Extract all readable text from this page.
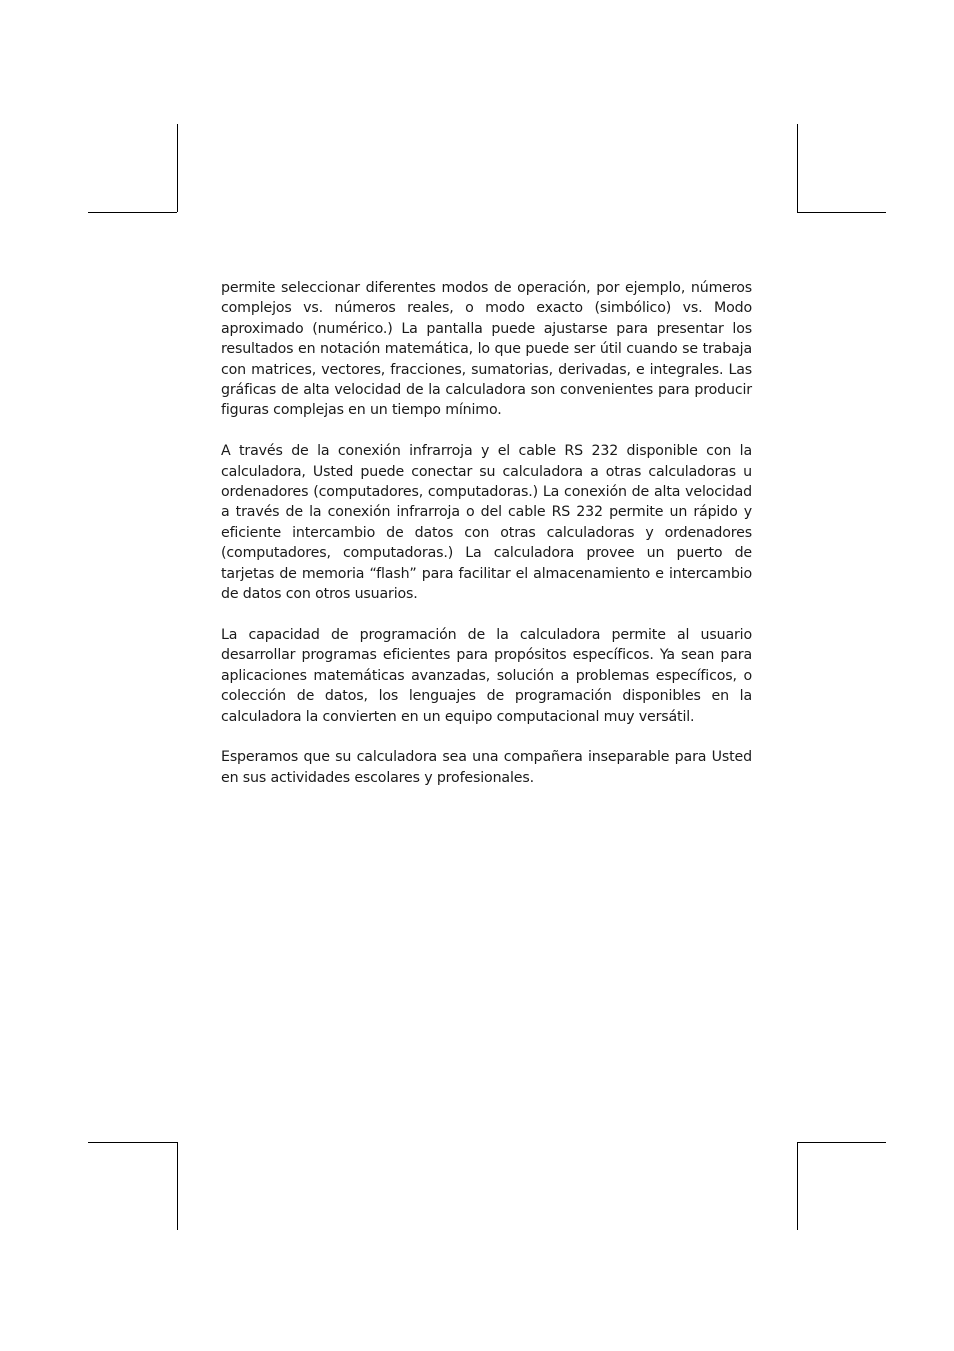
permite seleccionar diferentes modos de operación, por ejemplo, números complejos vs. números reales, o modo exacto (simbólico) vs. Modo aproximado (numérico.) La pantalla puede ajustarse para presentar los resultados en notación matemática, lo que puede ser útil cuando se trabaja con matrices, vectores, fracciones, sumatorias, derivadas, e integrales. Las gráficas de alta velocidad de la calculadora son convenientes para producir figuras complejas en un tiempo mínimo.

A través de la conexión infrarroja y el cable RS 232 disponible con la calculadora, Usted puede conectar su calculadora a otras calculadoras u ordenadores (computadores, computadoras.) La conexión de alta velocidad a través de la conexión infrarroja o del cable RS 232 permite un rápido y eficiente intercambio de datos con otras calculadoras y ordenadores (computadores, computadoras.) La calculadora provee un puerto de tarjetas de memoria “flash” para facilitar el almacenamiento e intercambio de datos con otros usuarios.

La capacidad de programación de la calculadora permite al usuario desarrollar programas eficientes para propósitos específicos. Ya sean para aplicaciones matemáticas avanzadas, solución a problemas específicos, o colección de datos, los lenguajes de programación disponibles en la calculadora la convierten en un equipo computacional muy versátil.

Esperamos que su calculadora sea una compañera inseparable para Usted en sus actividades escolares y profesionales.
